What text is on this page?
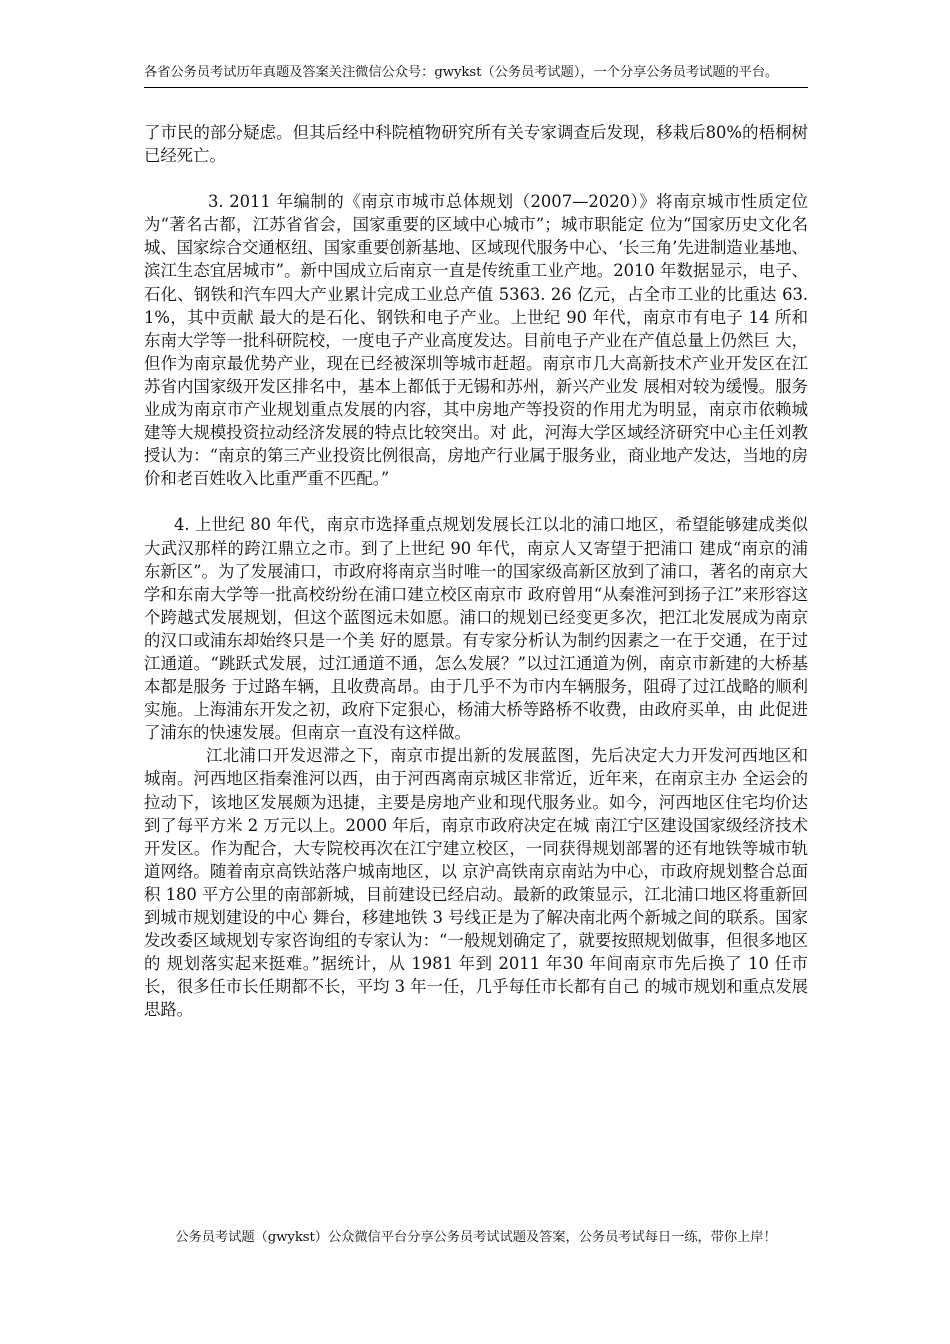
各省公务员考试历年真题及答案关注微信公众号：gwykst（公务员考试题），一个分享公务员考试题的平台。

了市民的部分疑虑。但其后经中科院植物研究所有关专家调查后发现，移栽后80%的梧桐树 已经死亡。

3. 2011 年编制的《南京市城市总体规划（2007—2020）》将南京城市性质定位为“著名古都，江苏省省会，国家重要的区域中心城市”；城市职能定 位为“国家历史文化名城、国家综合交通枢纽、国家重要创新基地、区域现代服务中心、‘长三角’先进制造业基地、滨江生态宜居城市”。新中国成立后南京一直是传统重工业产地。2010 年数据显示，电子、石化、钢铁和汽车四大产业累计完成工业总产值 5363. 26 亿元，占全市工业的比重达 63. 1%，其中贡献 最大的是石化、钢铁和电子产业。上世纪 90 年代，南京市有电子 14 所和东南大学等一批科研院校，一度电子产业高度发达。目前电子产业在产值总量上仍然巨 大，但作为南京最优势产业，现在已经被深圳等城市赶超。南京市几大高新技术产业开发区在江苏省内国家级开发区排名中，基本上都低于无锡和苏州，新兴产业发 展相对较为缓慢。服务业成为南京市产业规划重点发展的内容，其中房地产等投资的作用尤为明显，南京市依赖城建等大规模投资拉动经济发展的特点比较突出。对 此，河海大学区域经济研究中心主任刘教授认为：“南京的第三产业投资比例很高，房地产行业属于服务业，商业地产发达，当地的房价和老百姓收入比重严重不匹配。”

4. 上世纪 80 年代，南京市选择重点规划发展长江以北的浦口地区，希望能够建成类似大武汉那样的跨江鼎立之市。到了上世纪 90 年代，南京人又寄望于把浦口 建成“南京的浦东新区”。为了发展浦口，市政府将南京当时唯一的国家级高新区放到了浦口，著名的南京大学和东南大学等一批高校纷纷在浦口建立校区南京市 政府曾用“从秦淮河到扬子江”来形容这个跨越式发展规划，但这个蓝图远未如愿。浦口的规划已经变更多次，把江北发展成为南京的汉口或浦东却始终只是一个美 好的愿景。有专家分析认为制约因素之一在于交通，在于过江通道。“跳跃式发展，过江通道不通，怎么发展？”以过江通道为例，南京市新建的大桥基本都是服务 于过路车辆，且收费高昂。由于几乎不为市内车辆服务，阻碍了过江战略的顺利实施。上海浦东开发之初，政府下定狠心，杨浦大桥等路桥不收费，由政府买单，由 此促进了浦东的快速发展。但南京一直没有这样做。

江北浦口开发迟滞之下，南京市提出新的发展蓝图，先后决定大力开发河西地区和城南。河西地区指秦淮河以西，由于河西离南京城区非常近，近年来，在南京主办 全运会的拉动下，该地区发展颇为迅捷，主要是房地产业和现代服务业。如今，河西地区住宅均价达到了每平方米 2 万元以上。2000 年后，南京市政府决定在城 南江宁区建设国家级经济技术开发区。作为配合，大专院校再次在江宁建立校区，一同获得规划部署的还有地铁等城市轨道网络。随着南京高铁站落户城南地区，以 京沪高铁南京南站为中心，市政府规划整合总面积 180 平方公里的南部新城，目前建设已经启动。最新的政策显示，江北浦口地区将重新回到城市规划建设的中心 舞台，移建地铁 3 号线正是为了解决南北两个新城之间的联系。国家发改委区域规划专家咨询组的专家认为：“一般规划确定了，就要按照规划做事，但很多地区的 规划落实起来挺难。”据统计，从 1981 年到 2011 年30 年间南京市先后换了 10 任市长，很多任市长任期都不长，平均 3 年一任，几乎每任市长都有自己 的城市规划和重点发展思路。

公务员考试题（gwykst）公众微信平台分享公务员考试试题及答案，公务员考试每日一练，带你上岸！
